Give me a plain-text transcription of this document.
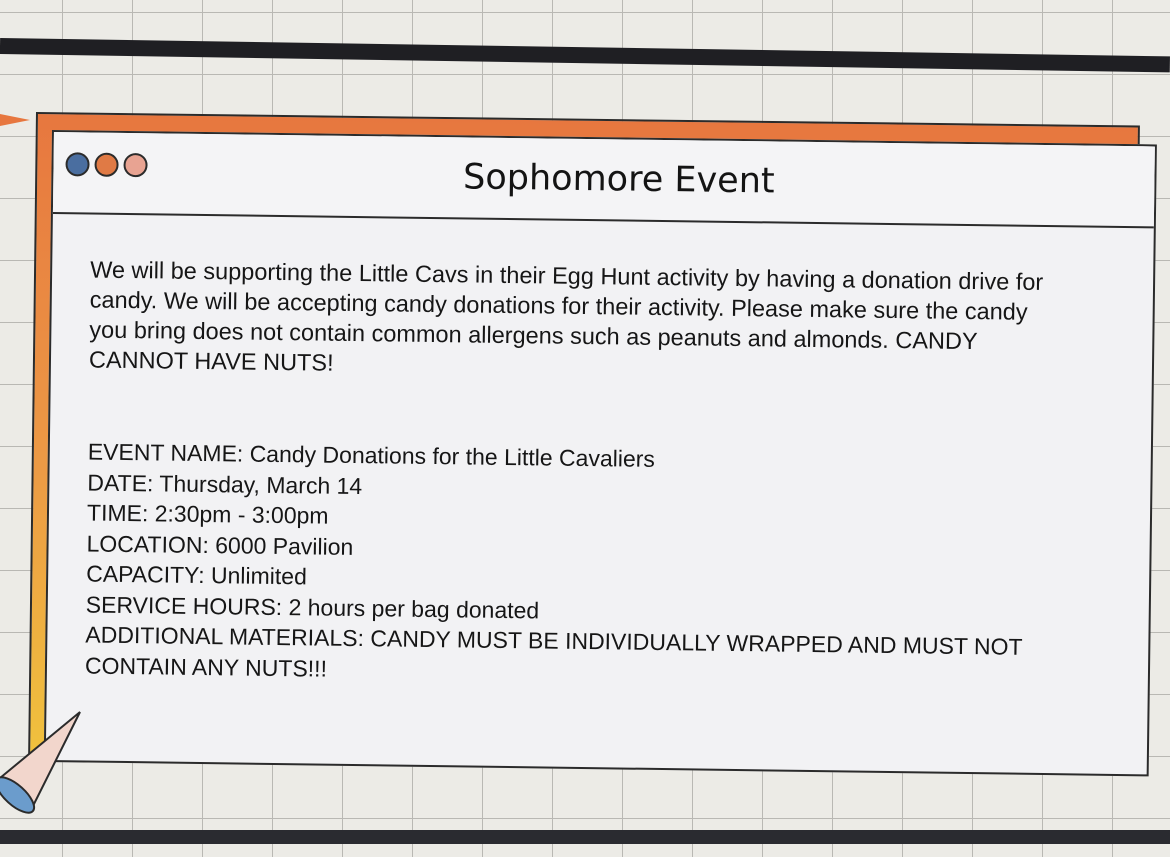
Sophomore Event

We will be supporting the Little Cavs in their Egg Hunt activity by having a donation drive for candy. We will be accepting candy donations for their activity. Please make sure the candy you bring does not contain common allergens such as peanuts and almonds. CANDY CANNOT HAVE NUTS!

EVENT NAME: Candy Donations for the Little Cavaliers
DATE: Thursday, March 14
TIME: 2:30pm - 3:00pm
LOCATION: 6000 Pavilion
CAPACITY: Unlimited
SERVICE HOURS: 2 hours per bag donated
ADDITIONAL MATERIALS: CANDY MUST BE INDIVIDUALLY WRAPPED AND MUST NOT CONTAIN ANY NUTS!!!
